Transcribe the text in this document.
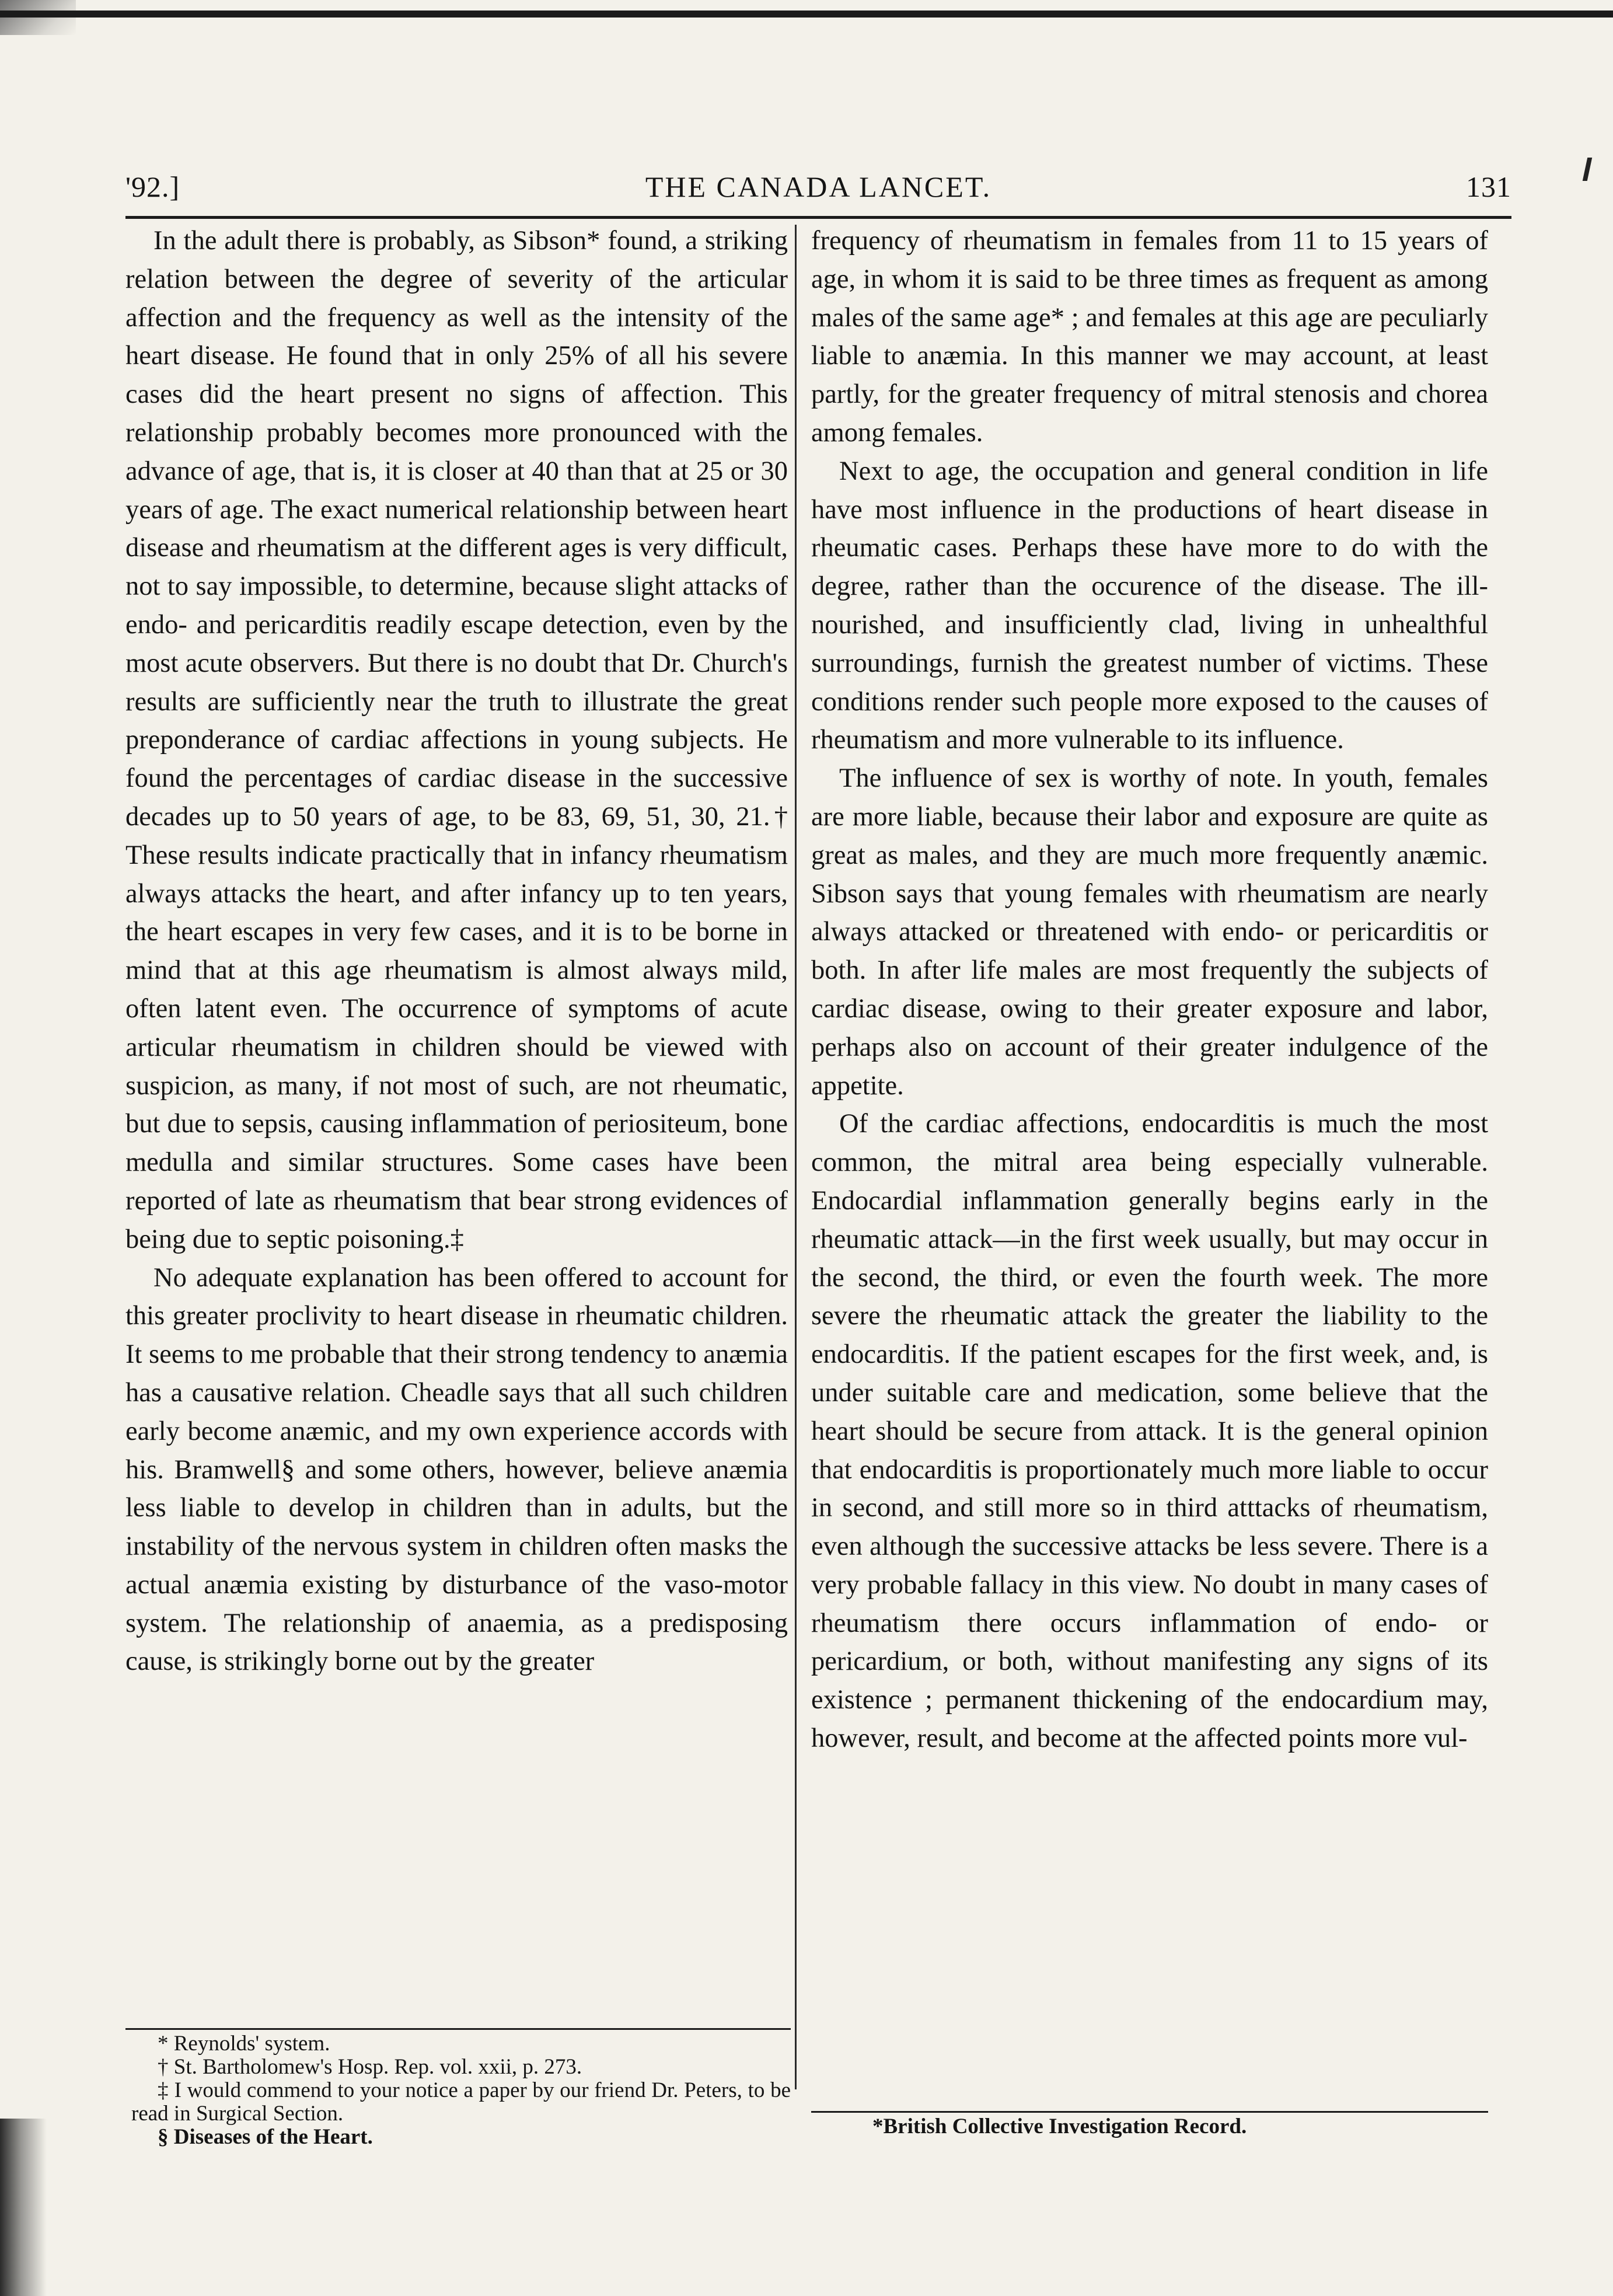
'92.]	THE CANADA LANCET.	131

In the adult there is probably, as Sibson* found, a striking relation between the degree of severity of the articular affection and the frequency as well as the intensity of the heart disease. He found that in only 25% of all his severe cases did the heart present no signs of affection. This relationship probably becomes more pronounced with the advance of age, that is, it is closer at 40 than that at 25 or 30 years of age. The exact numerical relationship between heart disease and rheumatism at the different ages is very difficult, not to say impossible, to determine, because slight attacks of endo- and pericarditis readily escape detection, even by the most acute observers. But there is no doubt that Dr. Church's results are sufficiently near the truth to illustrate the great preponderance of cardiac affections in young subjects. He found the percentages of cardiac disease in the successive decades up to 50 years of age, to be 83, 69, 51, 30, 21.† These results indicate practically that in infancy rheumatism always attacks the heart, and after infancy up to ten years, the heart escapes in very few cases, and it is to be borne in mind that at this age rheumatism is almost always mild, often latent even. The occurrence of symptoms of acute articular rheumatism in children should be viewed with suspicion, as many, if not most of such, are not rheumatic, but due to sepsis, causing inflammation of periositeum, bone medulla and similar structures. Some cases have been reported of late as rheumatism that bear strong evidences of being due to septic poisoning.‡

No adequate explanation has been offered to account for this greater proclivity to heart disease in rheumatic children. It seems to me probable that their strong tendency to anæmia has a causative relation. Cheadle says that all such children early become anæmic, and my own experience accords with his. Bramwell§ and some others, however, believe anæmia less liable to develop in children than in adults, but the instability of the nervous system in children often masks the actual anæmia existing by disturbance of the vaso-motor system. The relationship of anaemia, as a predisposing cause, is strikingly borne out by the greater

frequency of rheumatism in females from 11 to 15 years of age, in whom it is said to be three times as frequent as among males of the same age* ; and females at this age are peculiarly liable to anæmia. In this manner we may account, at least partly, for the greater frequency of mitral stenosis and chorea among females.

Next to age, the occupation and general condition in life have most influence in the productions of heart disease in rheumatic cases. Perhaps these have more to do with the degree, rather than the occurence of the disease. The ill-nourished, and insufficiently clad, living in unhealthful surroundings, furnish the greatest number of victims. These conditions render such people more exposed to the causes of rheumatism and more vulnerable to its influence.

The influence of sex is worthy of note. In youth, females are more liable, because their labor and exposure are quite as great as males, and they are much more frequently anæmic. Sibson says that young females with rheumatism are nearly always attacked or threatened with endo- or pericarditis or both. In after life males are most frequently the subjects of cardiac disease, owing to their greater exposure and labor, perhaps also on account of their greater indulgence of the appetite.

Of the cardiac affections, endocarditis is much the most common, the mitral area being especially vulnerable. Endocardial inflammation generally begins early in the rheumatic attack—in the first week usually, but may occur in the second, the third, or even the fourth week. The more severe the rheumatic attack the greater the liability to the endocarditis. If the patient escapes for the first week, and, is under suitable care and medication, some believe that the heart should be secure from attack. It is the general opinion that endocarditis is proportionately much more liable to occur in second, and still more so in third atttacks of rheumatism, even although the successive attacks be less severe. There is a very probable fallacy in this view. No doubt in many cases of rheumatism there occurs inflammation of endo- or pericardium, or both, without manifesting any signs of its existence ; permanent thickening of the endocardium may, however, result, and become at the affected points more vul-

* Reynolds' system.
† St. Bartholomew's Hosp. Rep. vol. xxii, p. 273.
‡ I would commend to your notice a paper by our friend Dr. Peters, to be read in Surgical Section.
§ Diseases of the Heart.	*British Collective Investigation Record.
